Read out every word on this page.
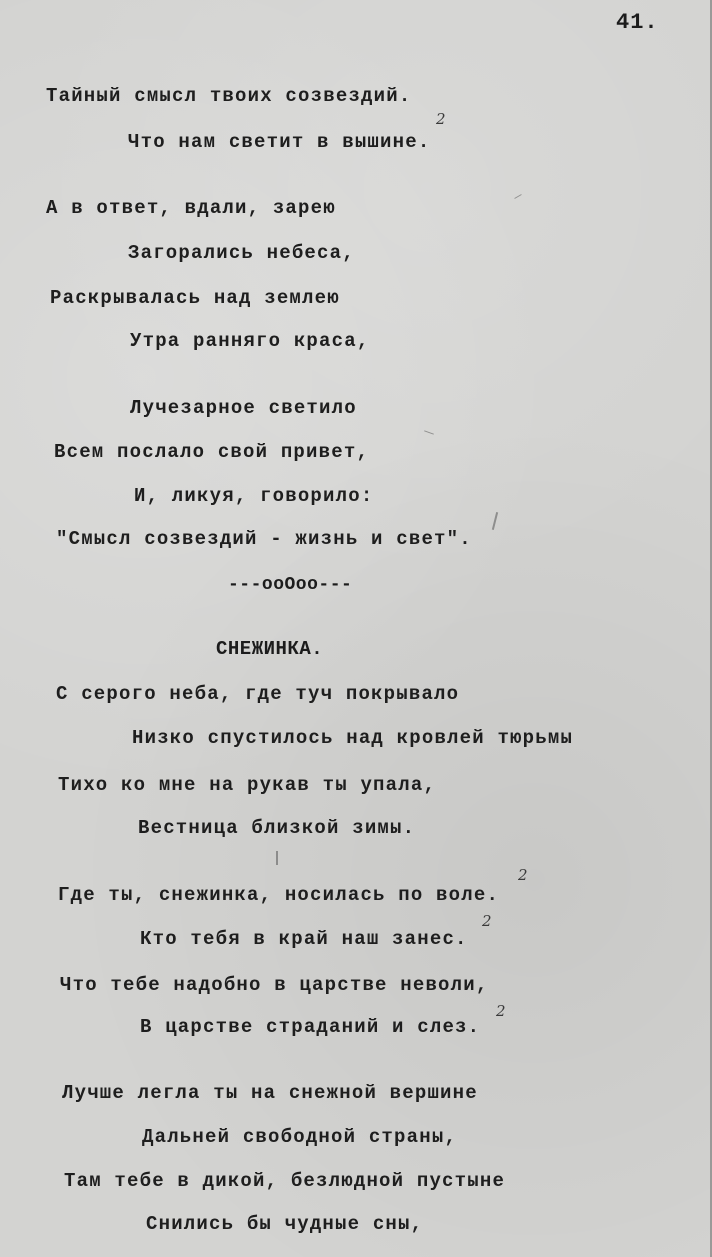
41.
Тайный смысл твоих созвездий.
Что нам светит в вышине.
2
А в ответ, вдали, зарею
Загорались небеса,
Раскрывалась над землею
Утра ранняго краса,
Лучезарное светило
Всем послало свой привет,
И, ликуя, говорило:
"Смысл созвездий - жизнь и свет".
---ooOoo---
СНЕЖИНКА.
С серого неба, где туч покрывало
Низко спустилось над кровлей тюрьмы
Тихо ко мне на рукав ты упала,
Вестница близкой зимы.
Где ты, снежинка, носилась по воле.
2
Кто тебя в край наш занес.
2
Что тебе надобно в царстве неволи,
В царстве страданий и слез.
2
Лучше легла ты на снежной вершине
Дальней свободной страны,
Там тебе в дикой, безлюдной пустыне
Снились бы чудные сны,
